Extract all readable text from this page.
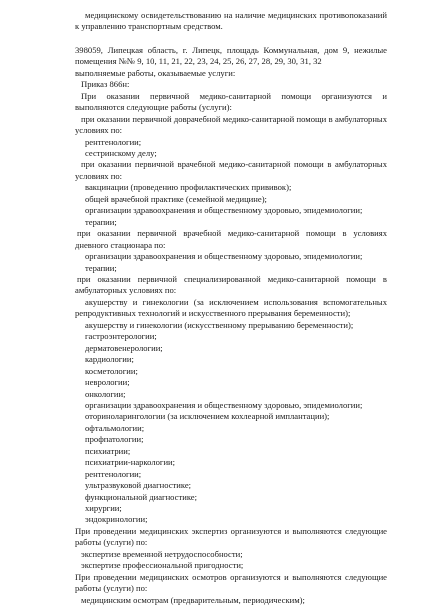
медицинскому освидетельствованию на наличие медицинских противопоказаний к управлению транспортным средством.

398059, Липецкая область, г. Липецк, площадь Коммунальная, дом 9, нежилые помещения №№ 9, 10, 11, 21, 22, 23, 24, 25, 26, 27, 28, 29, 30, 31, 32

выполняемые работы, оказываемые услуги:

Приказ 866н:

При оказании первичной медико-санитарной помощи организуются и выполняются следующие работы (услуги):

при оказании первичной доврачебной медико-санитарной помощи в амбулаторных условиях по:

рентгенологии;

сестринскому делу;

при оказании первичной врачебной медико-санитарной помощи в амбулаторных условиях по:

вакцинации (проведению профилактических прививок);

общей врачебной практике (семейной медицине);

организации здравоохранения и общественному здоровью, эпидемиологии;

терапии;

при оказании первичной врачебной медико-санитарной помощи в условиях дневного стационара по:

организации здравоохранения и общественному здоровью, эпидемиологии;

терапии;

при оказании первичной специализированной медико-санитарной помощи в амбулаторных условиях по:

акушерству и гинекологии (за исключением использования вспомогательных репродуктивных технологий и искусственного прерывания беременности);

акушерству и гинекологии (искусственному прерыванию беременности);

гастроэнтерологии;

дерматовенерологии;

кардиологии;

косметологии;

неврологии;

онкологии;

организации здравоохранения и общественному здоровью, эпидемиологии;

оториноларингологии (за исключением кохлеарной имплантации);

офтальмологии;

профпатологии;

психиатрии;

психиатрии-наркологии;

рентгенологии;

ультразвуковой диагностике;

функциональной диагностике;

хирургии;

эндокринологии;

При проведении медицинских экспертиз организуются и выполняются следующие работы (услуги) по:

экспертизе временной нетрудоспособности;

экспертизе профессиональной пригодности;

При проведении медицинских осмотров организуются и выполняются следующие работы (услуги) по:

медицинским осмотрам (предварительным, периодическим);
